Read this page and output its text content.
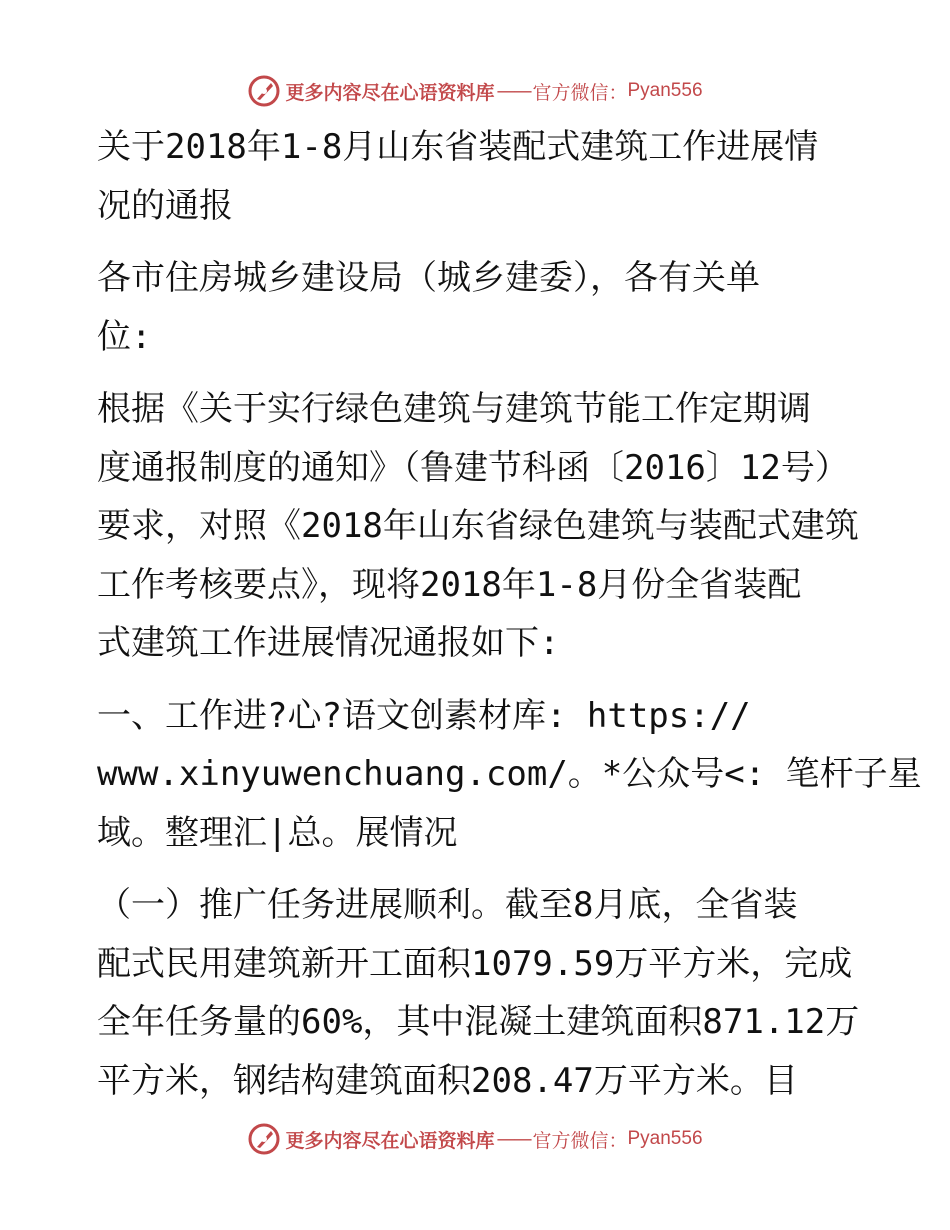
更多内容尽在心语资料库 —— 官方微信： Pyan556

关于2018年1-8月山东省装配式建筑工作进展情
况的通报

各市住房城乡建设局（城乡建委），各有关单
位:

根据《关于实行绿色建筑与建筑节能工作定期调
度通报制度的通知》（鲁建节科函〔2016〕12号）
要求，对照《2018年山东省绿色建筑与装配式建筑
工作考核要点》，现将2018年1-8月份全省装配
式建筑工作进展情况通报如下:

一、工作进?心?语文创素材库: https://
www.xinyuwenchuang.com/。*公众号<: 笔杆子星
域。整理汇|总。展情况

（一）推广任务进展顺利。截至8月底，全省装
配式民用建筑新开工面积1079.59万平方米，完成
全年任务量的60%，其中混凝土建筑面积871.12万
平方米，钢结构建筑面积208.47万平方米。目

更多内容尽在心语资料库 —— 官方微信： Pyan556
